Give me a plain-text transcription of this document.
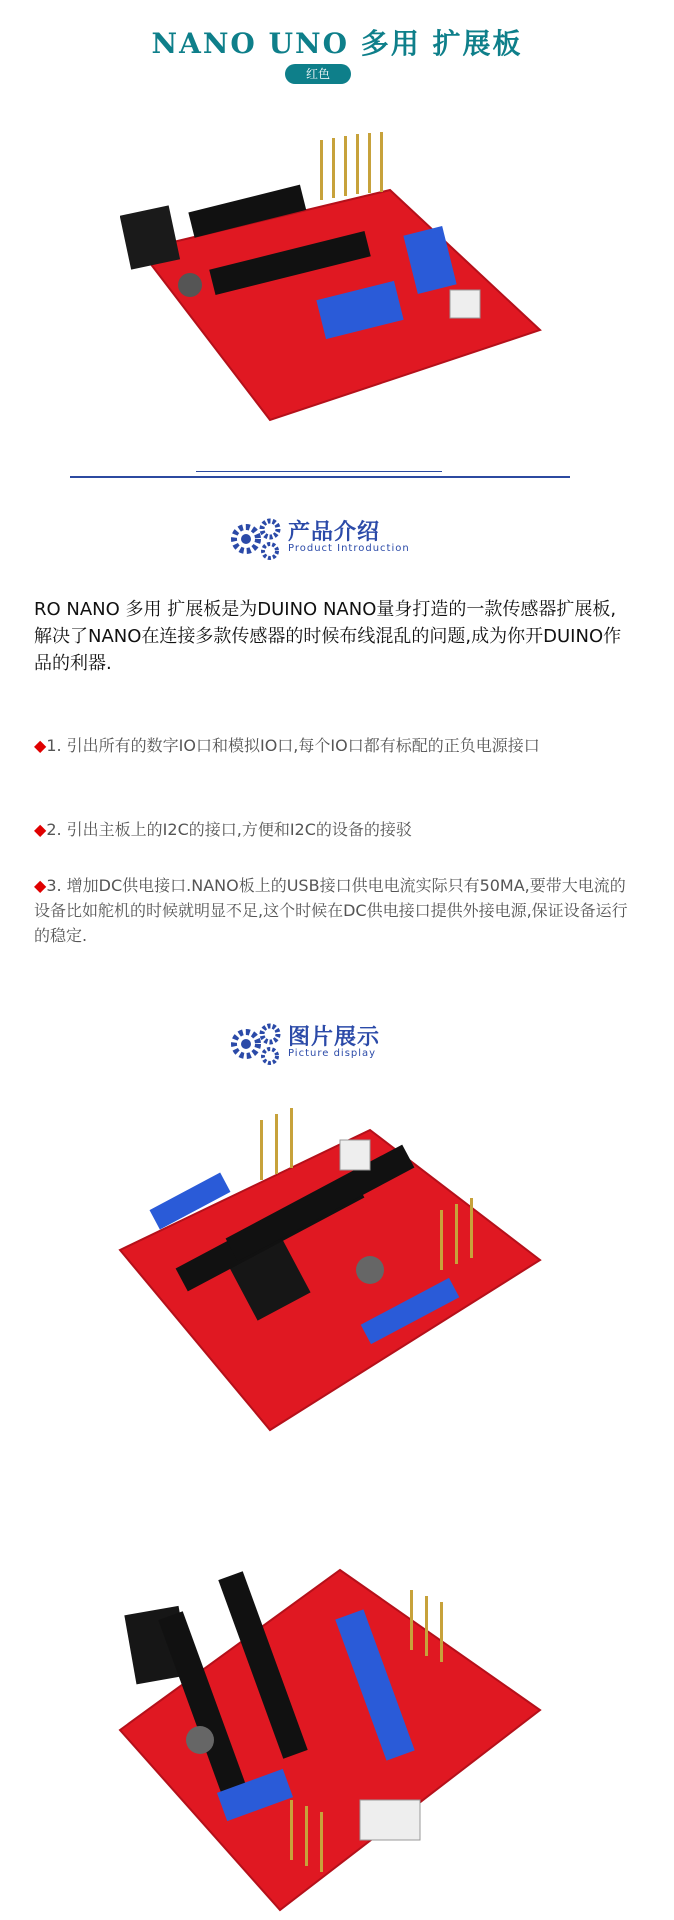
NANO UNO 多用 扩展板
红色
产品介绍
Product Introduction
RO NANO 多用 扩展板是为DUINO NANO量身打造的一款传感器扩展板,解决了NANO在连接多款传感器的时候布线混乱的问题,成为你开DUINO作品的利器.
◆1. 引出所有的数字IO口和模拟IO口,每个IO口都有标配的正负电源接口
◆2. 引出主板上的I2C的接口,方便和I2C的设备的接驳
◆3. 增加DC供电接口.NANO板上的USB接口供电电流实际只有50MA,要带大电流的设备比如舵机的时候就明显不足,这个时候在DC供电接口提供外接电源,保证设备运行的稳定.
图片展示
Picture display
